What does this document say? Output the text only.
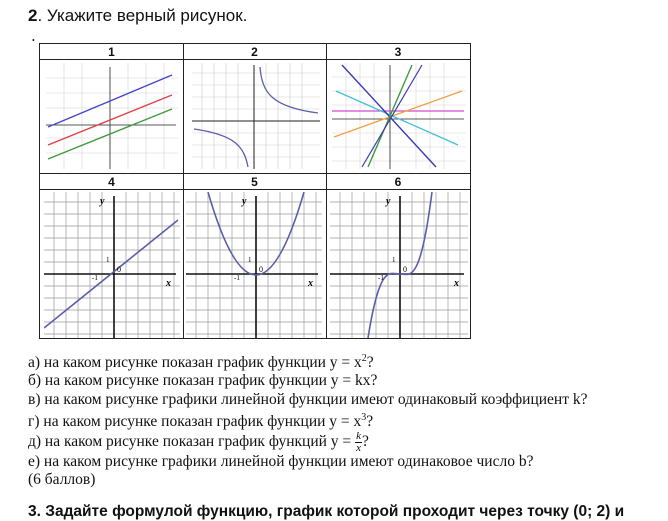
2. Укажите верный рисунок.
•
1	2	3
4	5	6
y
x
0
1
-1
y
x
0
1
-1
y
x
0
1
-1
а) на каком рисунке показан график функции $y = x^2$?
б) на каком рисунке показан график функции y = kx?
в) на каком рисунке графики линейной функции имеют одинаковый коэффициент k?
г) на каком рисунке показан график функции $y = x^3$?
д) на каком рисунке показан график функций $y = \frac{k}{x}$ ?
е) на каком рисунке графики линейной функции имеют одинаковое число b?
(6 баллов)
3. Задайте формулой функцию, график которой проходит через точку (0; 2) и
